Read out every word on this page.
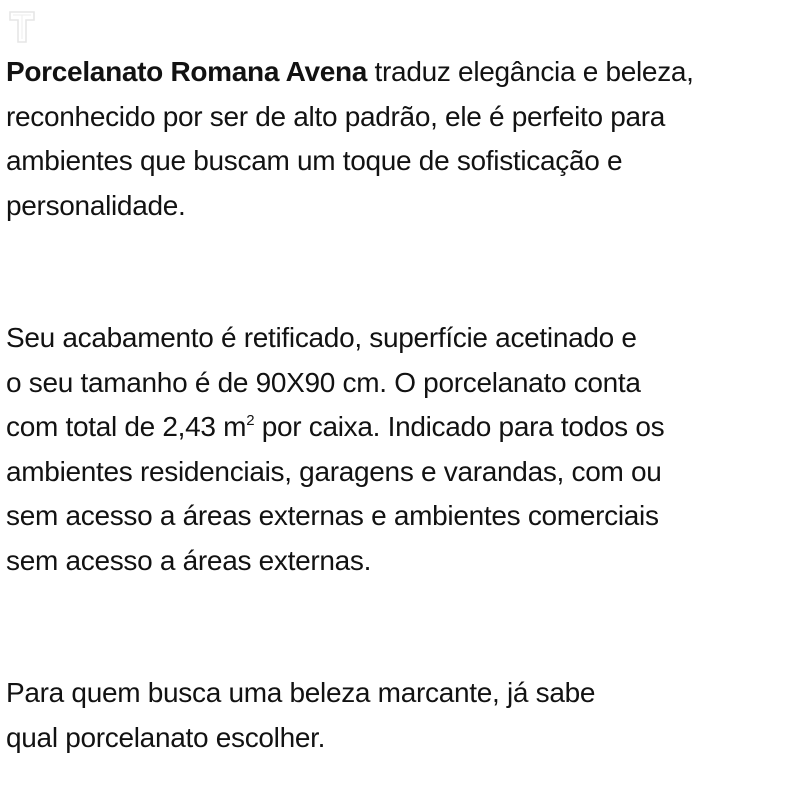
Porcelanato Romana Avena traduz elegância e beleza,
reconhecido por ser de alto padrão, ele é perfeito para
ambientes que buscam um toque de sofisticação e
personalidade.

Seu acabamento é retificado, superfície acetinado e
o seu tamanho é de 90X90 cm. O porcelanato conta
com total de 2,43 $m^2$ por caixa. Indicado para todos os
ambientes residenciais, garagens e varandas, com ou
sem acesso a áreas externas e ambientes comerciais
sem acesso a áreas externas.

Para quem busca uma beleza marcante, já sabe
qual porcelanato escolher.
